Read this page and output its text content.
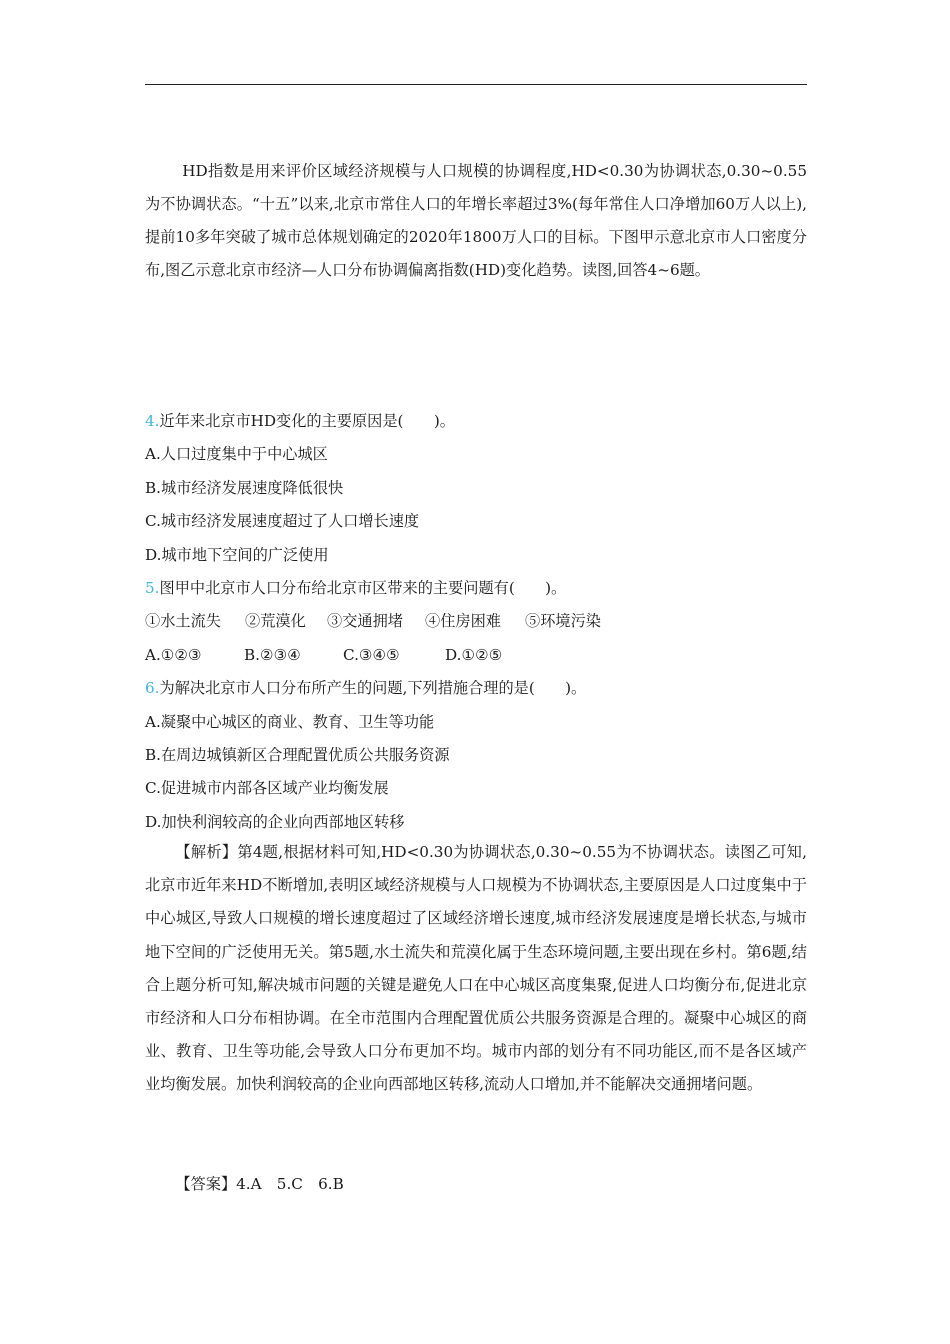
HD指数是用来评价区域经济规模与人口规模的协调程度,HD<0.30为协调状态,0.30~0.55为不协调状态。“十五”以来,北京市常住人口的年增长率超过3%(每年常住人口净增加60万人以上),提前10多年突破了城市总体规划确定的2020年1800万人口的目标。下图甲示意北京市人口密度分布,图乙示意北京市经济—人口分布协调偏离指数(HD)变化趋势。读图,回答4~6题。

4.近年来北京市HD变化的主要原因是(　　)。
A.人口过度集中于中心城区
B.城市经济发展速度降低很快
C.城市经济发展速度超过了人口增长速度
D.城市地下空间的广泛使用
5.图甲中北京市人口分布给北京市区带来的主要问题有(　　)。
①水土流失 ②荒漠化 ③交通拥堵 ④住房困难 ⑤环境污染
A.①②③	B.②③④	C.③④⑤	D.①②⑤
6.为解决北京市人口分布所产生的问题,下列措施合理的是(　　)。
A.凝聚中心城区的商业、教育、卫生等功能
B.在周边城镇新区合理配置优质公共服务资源
C.促进城市内部各区域产业均衡发展
D.加快利润较高的企业向西部地区转移

【解析】第4题,根据材料可知,HD<0.30为协调状态,0.30~0.55为不协调状态。读图乙可知,北京市近年来HD不断增加,表明区域经济规模与人口规模为不协调状态,主要原因是人口过度集中于中心城区,导致人口规模的增长速度超过了区域经济增长速度,城市经济发展速度是增长状态,与城市地下空间的广泛使用无关。第5题,水土流失和荒漠化属于生态环境问题,主要出现在乡村。第6题,结合上题分析可知,解决城市问题的关键是避免人口在中心城区高度集聚,促进人口均衡分布,促进北京市经济和人口分布相协调。在全市范围内合理配置优质公共服务资源是合理的。凝聚中心城区的商业、教育、卫生等功能,会导致人口分布更加不均。城市内部的划分有不同功能区,而不是各区域产业均衡发展。加快利润较高的企业向西部地区转移,流动人口增加,并不能解决交通拥堵问题。

【答案】4.A　5.C　6.B
